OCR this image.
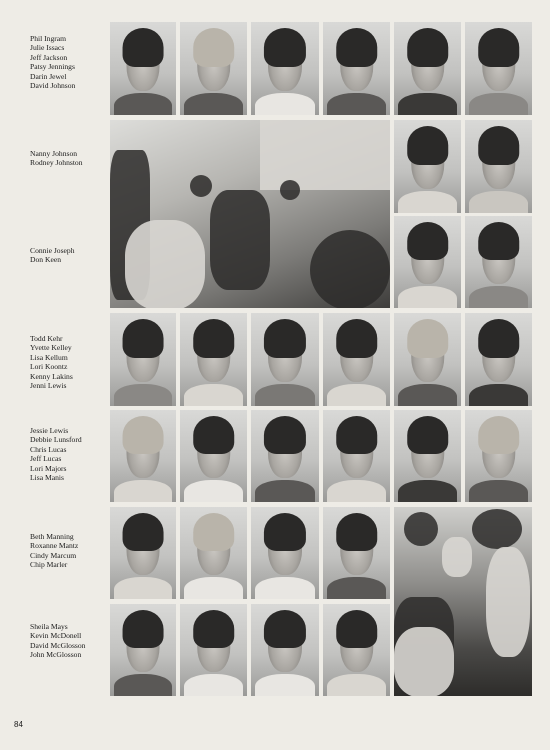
Phil Ingram
Julie Issacs
Jeff Jackson
Patsy Jennings
Darin Jewel
David Johnson
Nanny Johnson
Rodney Johnston
Connie Joseph
Don Keen
Todd Kehr
Yvette Kelley
Lisa Kellum
Lori Koontz
Kenny Lakins
Jenni Lewis
Jessie Lewis
Debbie Lunsford
Chris Lucas
Jeff Lucas
Lori Majors
Lisa Manis
Beth Manning
Roxanne Mantz
Cindy Marcum
Chip Marler
Sheila Mays
Kevin McDonell
David McGlosson
John McGlosson
84
